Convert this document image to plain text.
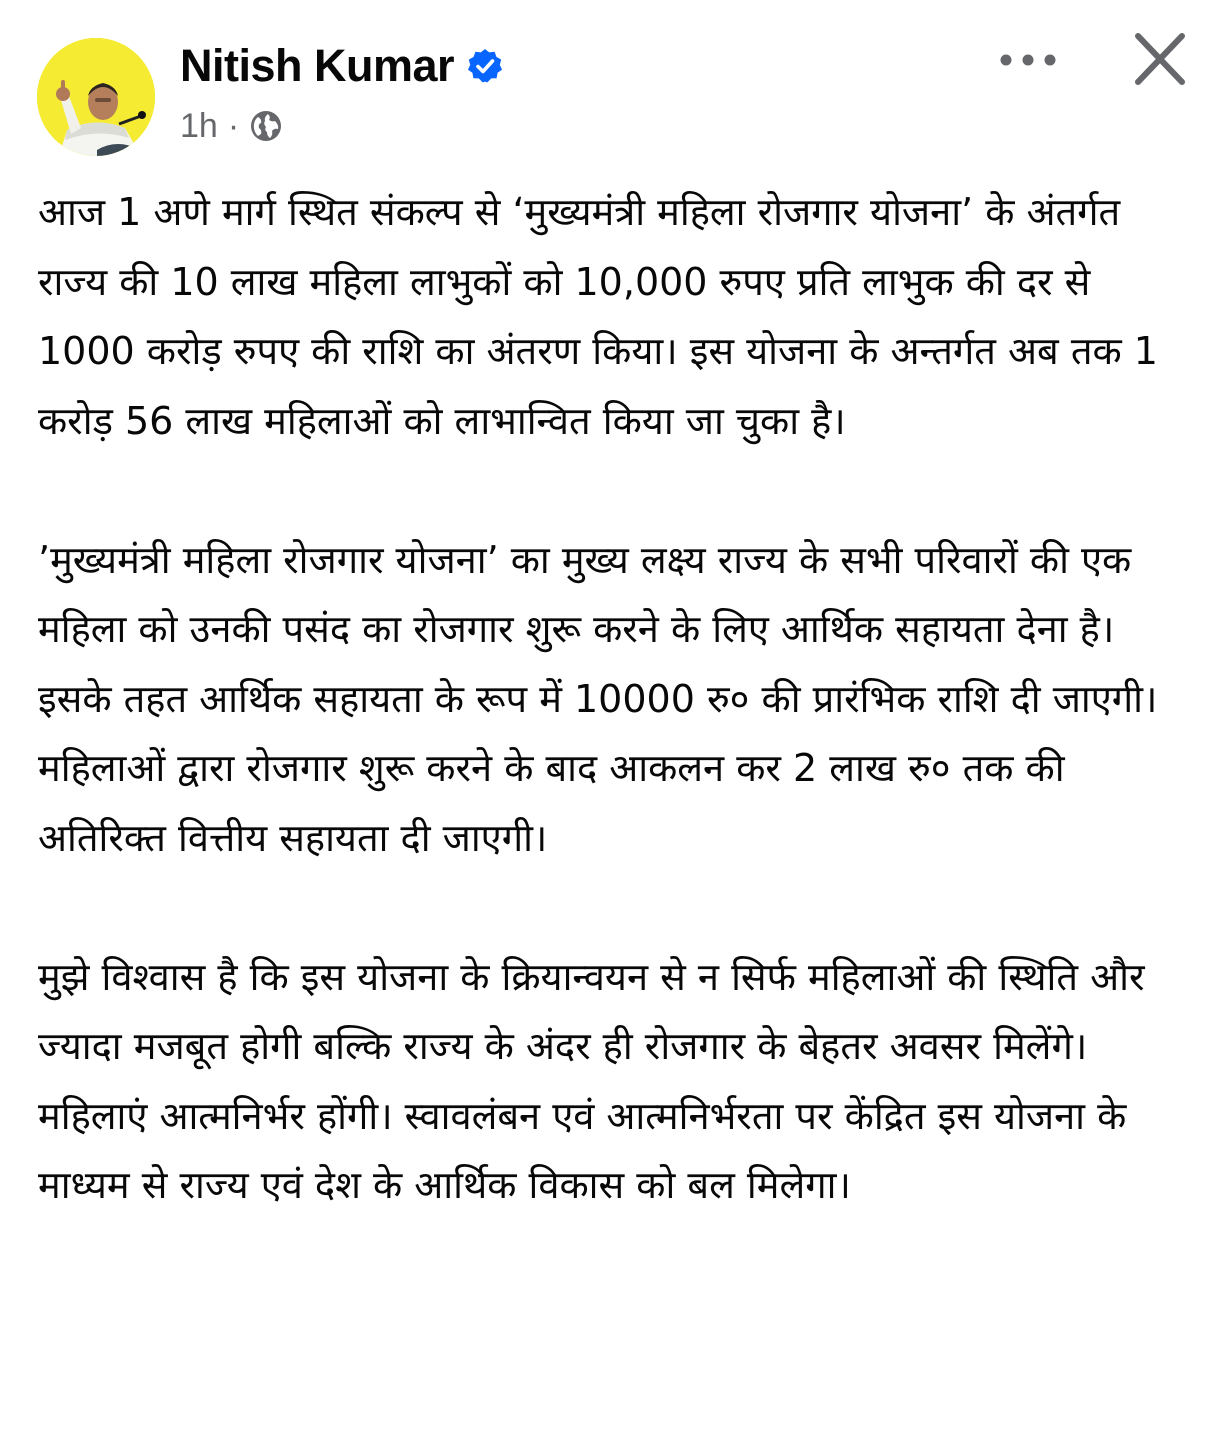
Nitish Kumar
1h ·

आज 1 अणे मार्ग स्थित संकल्प से ‘मुख्यमंत्री महिला रोजगार योजना’ के अंतर्गत राज्य की 10 लाख महिला लाभुकों को 10,000 रुपए प्रति लाभुक की दर से 1000 करोड़ रुपए की राशि का अंतरण किया। इस योजना के अन्तर्गत अब तक 1 करोड़ 56 लाख महिलाओं को लाभान्वित किया जा चुका है।

’मुख्यमंत्री महिला रोजगार योजना’ का मुख्य लक्ष्य राज्य के सभी परिवारों की एक महिला को उनकी पसंद का रोजगार शुरू करने के लिए आर्थिक सहायता देना है। इसके तहत आर्थिक सहायता के रूप में 10000 रु० की प्रारंभिक राशि दी जाएगी। महिलाओं द्वारा रोजगार शुरू करने के बाद आकलन कर 2 लाख रु० तक की अतिरिक्त वित्तीय सहायता दी जाएगी।

मुझे विश्वास है कि इस योजना के क्रियान्वयन से न सिर्फ महिलाओं की स्थिति और ज्यादा मजबूत होगी बल्कि राज्य के अंदर ही रोजगार के बेहतर अवसर मिलेंगे। महिलाएं आत्मनिर्भर होंगी। स्वावलंबन एवं आत्मनिर्भरता पर केंद्रित इस योजना के माध्यम से राज्य एवं देश के आर्थिक विकास को बल मिलेगा।
